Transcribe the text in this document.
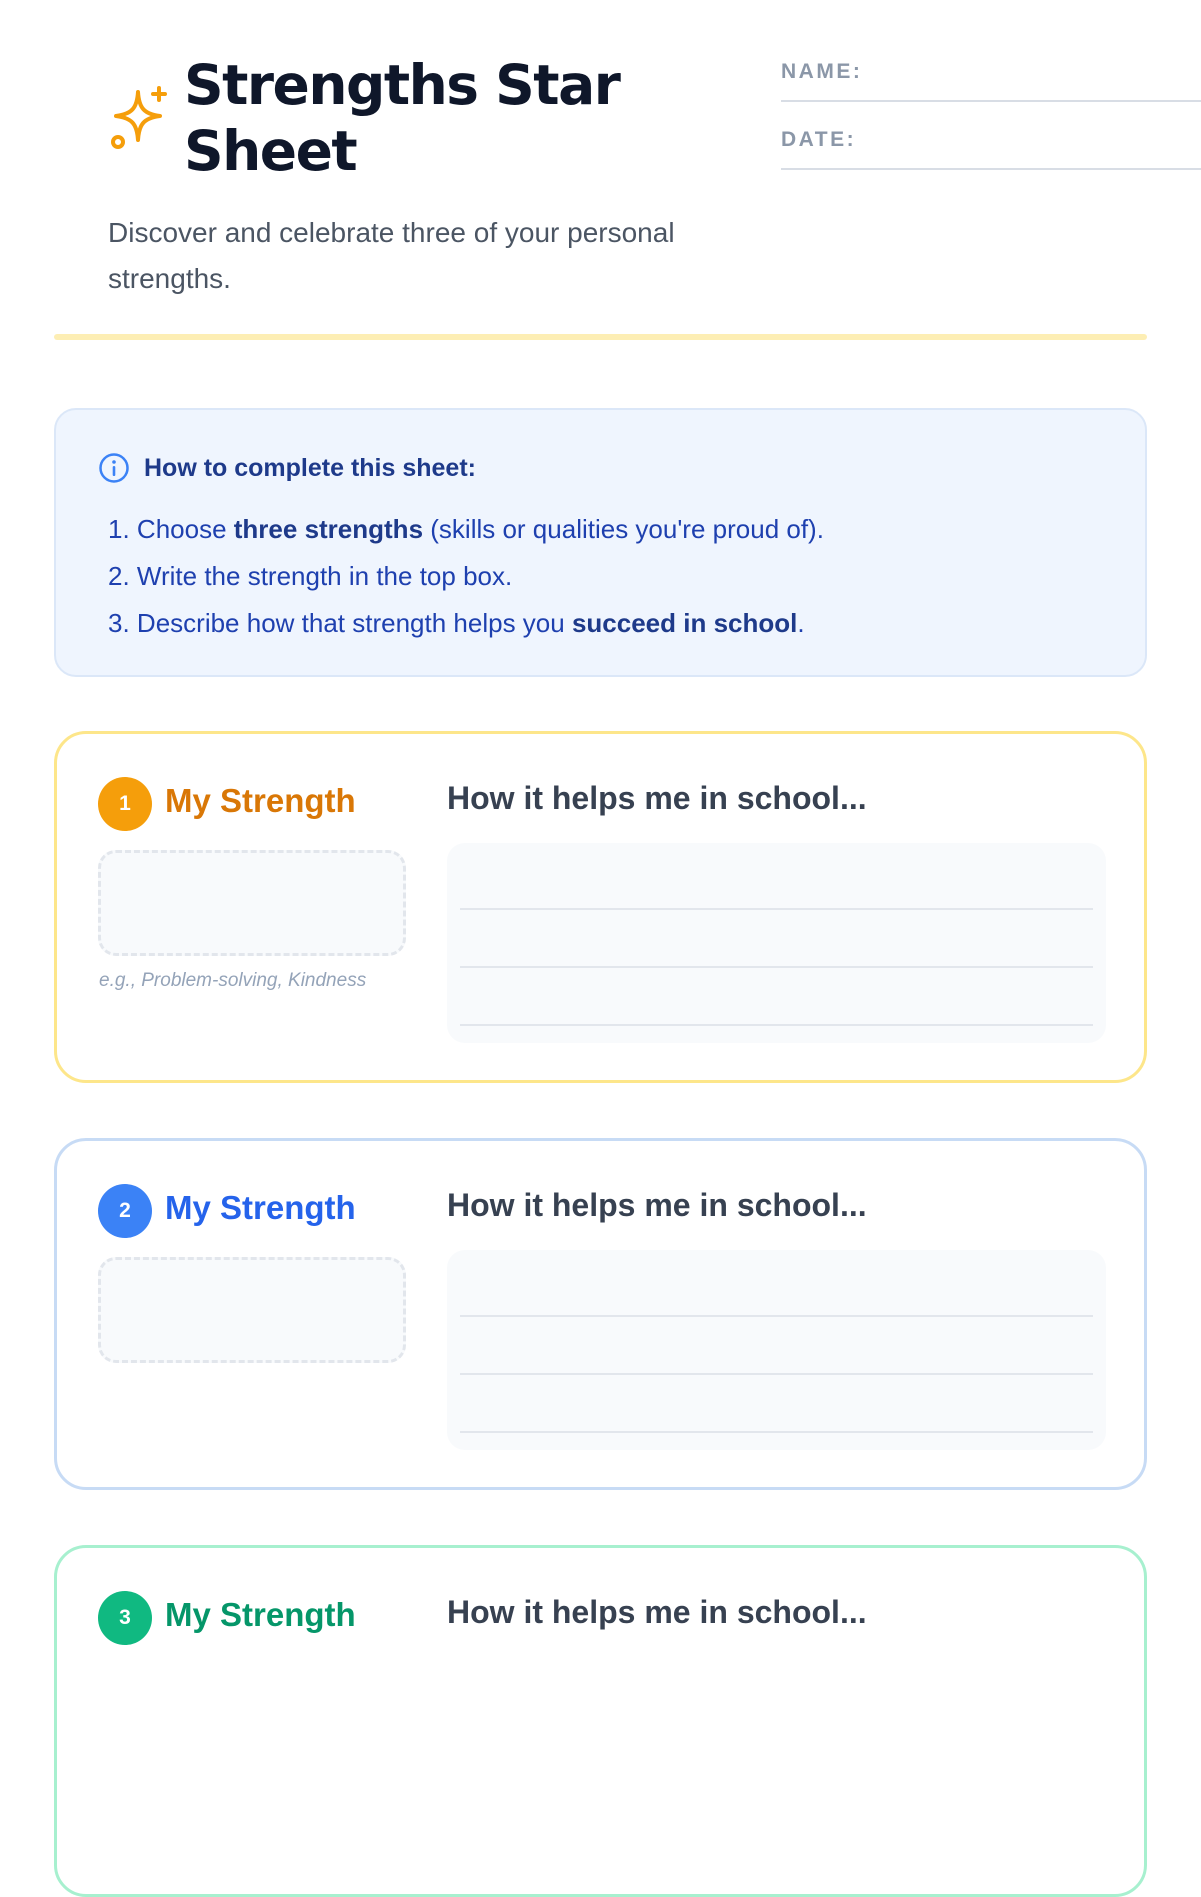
Strengths Star Sheet
Discover and celebrate three of your personal strengths.
NAME:
DATE:
How to complete this sheet:
1. Choose three strengths (skills or qualities you're proud of).
2. Write the strength in the top box.
3. Describe how that strength helps you succeed in school.
1	My Strength
e.g., Problem-solving, Kindness
How it helps me in school...
2	My Strength	How it helps me in school...
3	My Strength	How it helps me in school...
